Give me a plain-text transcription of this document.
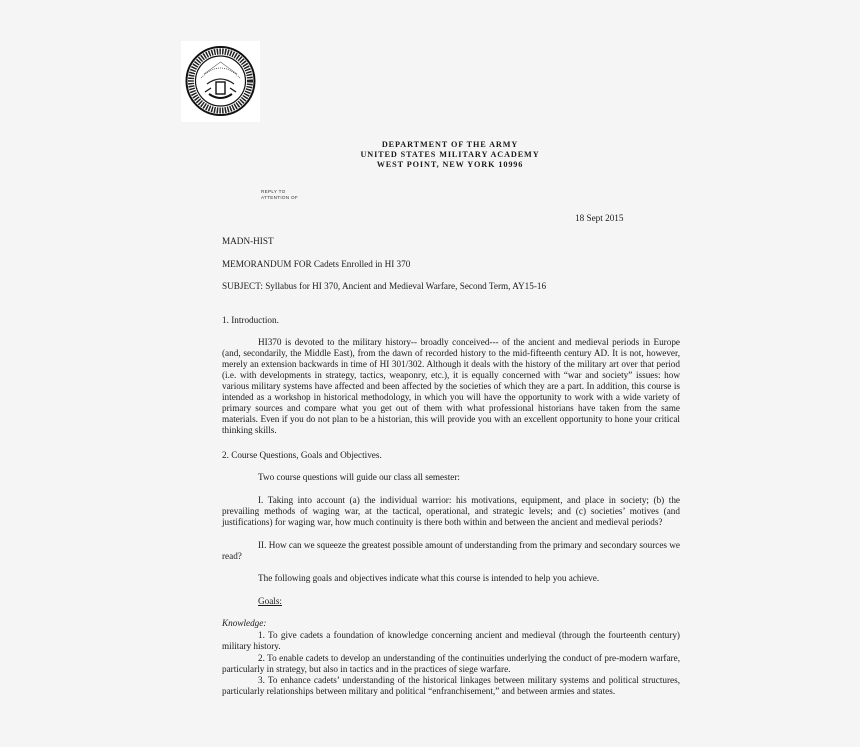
DEPARTMENT OF THE ARMY
UNITED STATES MILITARY ACADEMY
WEST POINT, NEW YORK 10996
REPLY TO
ATTENTION OF
18 Sept 2015
MADN-HIST
MEMORANDUM FOR Cadets Enrolled in HI 370
SUBJECT: Syllabus for HI 370, Ancient and Medieval Warfare, Second Term, AY15-16
1. Introduction.
HI370 is devoted to the military history-- broadly conceived--- of the ancient and medieval periods in Europe (and, secondarily, the Middle East), from the dawn of recorded history to the mid-fifteenth century AD. It is not, however, merely an extension backwards in time of HI 301/302. Although it deals with the history of the military art over that period (i.e. with developments in strategy, tactics, weaponry, etc.), it is equally concerned with “war and society” issues: how various military systems have affected and been affected by the societies of which they are a part. In addition, this course is intended as a workshop in historical methodology, in which you will have the opportunity to work with a wide variety of primary sources and compare what you get out of them with what professional historians have taken from the same materials. Even if you do not plan to be a historian, this will provide you with an excellent opportunity to hone your critical thinking skills.
2. Course Questions, Goals and Objectives.
Two course questions will guide our class all semester:
I. Taking into account (a) the individual warrior: his motivations, equipment, and place in society; (b) the prevailing methods of waging war, at the tactical, operational, and strategic levels; and (c) societies’ motives (and justifications) for waging war, how much continuity is there both within and between the ancient and medieval periods?
II. How can we squeeze the greatest possible amount of understanding from the primary and secondary sources we read?
The following goals and objectives indicate what this course is intended to help you achieve.
Goals:
Knowledge:
1. To give cadets a foundation of knowledge concerning ancient and medieval (through the fourteenth century) military history.
2. To enable cadets to develop an understanding of the continuities underlying the conduct of pre-modern warfare, particularly in strategy, but also in tactics and in the practices of siege warfare.
3. To enhance cadets’ understanding of the historical linkages between military systems and political structures, particularly relationships between military and political “enfranchisement,” and between armies and states.
